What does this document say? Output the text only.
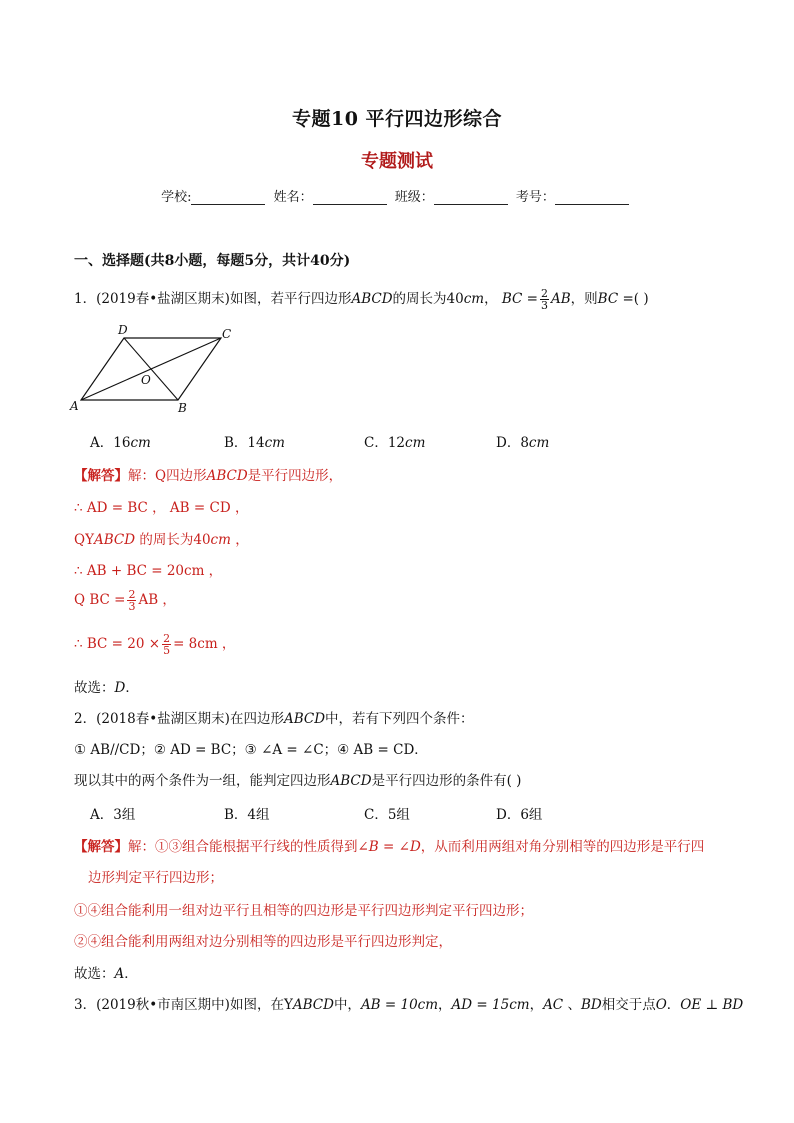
专题10 平行四边形综合
专题测试
学校:	姓名：	班级：	考号：
一、选择题(共8小题，每题5分，共计40分)
1．(2019春•盐湖区期末)如图，若平行四边形ABCD的周长为40cm， BC = $\frac{2}{3}$ AB，则BC =( )
D	C
O
A	B
A．16cm	B．14cm	C．12cm	D．8cm
【解答】解：Q四边形ABCD是平行四边形，
∴ AD = BC ， AB = CD ，
QYABCD 的周长为40cm ，
∴ AB + BC = 20cm ，
Q BC = $\frac{2}{3}$ AB ，
∴ BC = $20 \times \frac{2}{5} = 8cm$ ，
故选：D．
2．(2018春•盐湖区期末)在四边形ABCD中，若有下列四个条件：
① AB//CD；② AD = BC；③ ∠A = ∠C；④ AB = CD．
现以其中的两个条件为一组，能判定四边形ABCD是平行四边形的条件有( )
A．3组	B．4组	C．5组	D．6组
【解答】解：①③组合能根据平行线的性质得到∠B = ∠D，从而利用两组对角分别相等的四边形是平行四
边形判定平行四边形；
①④组合能利用一组对边平行且相等的四边形是平行四边形判定平行四边形；
②④组合能利用两组对边分别相等的四边形是平行四边形判定，
故选：A．
3．(2019秋•市南区期中)如图，在YABCD中，AB = 10cm，AD = 15cm，AC 、BD相交于点O．OE ⊥ BD
